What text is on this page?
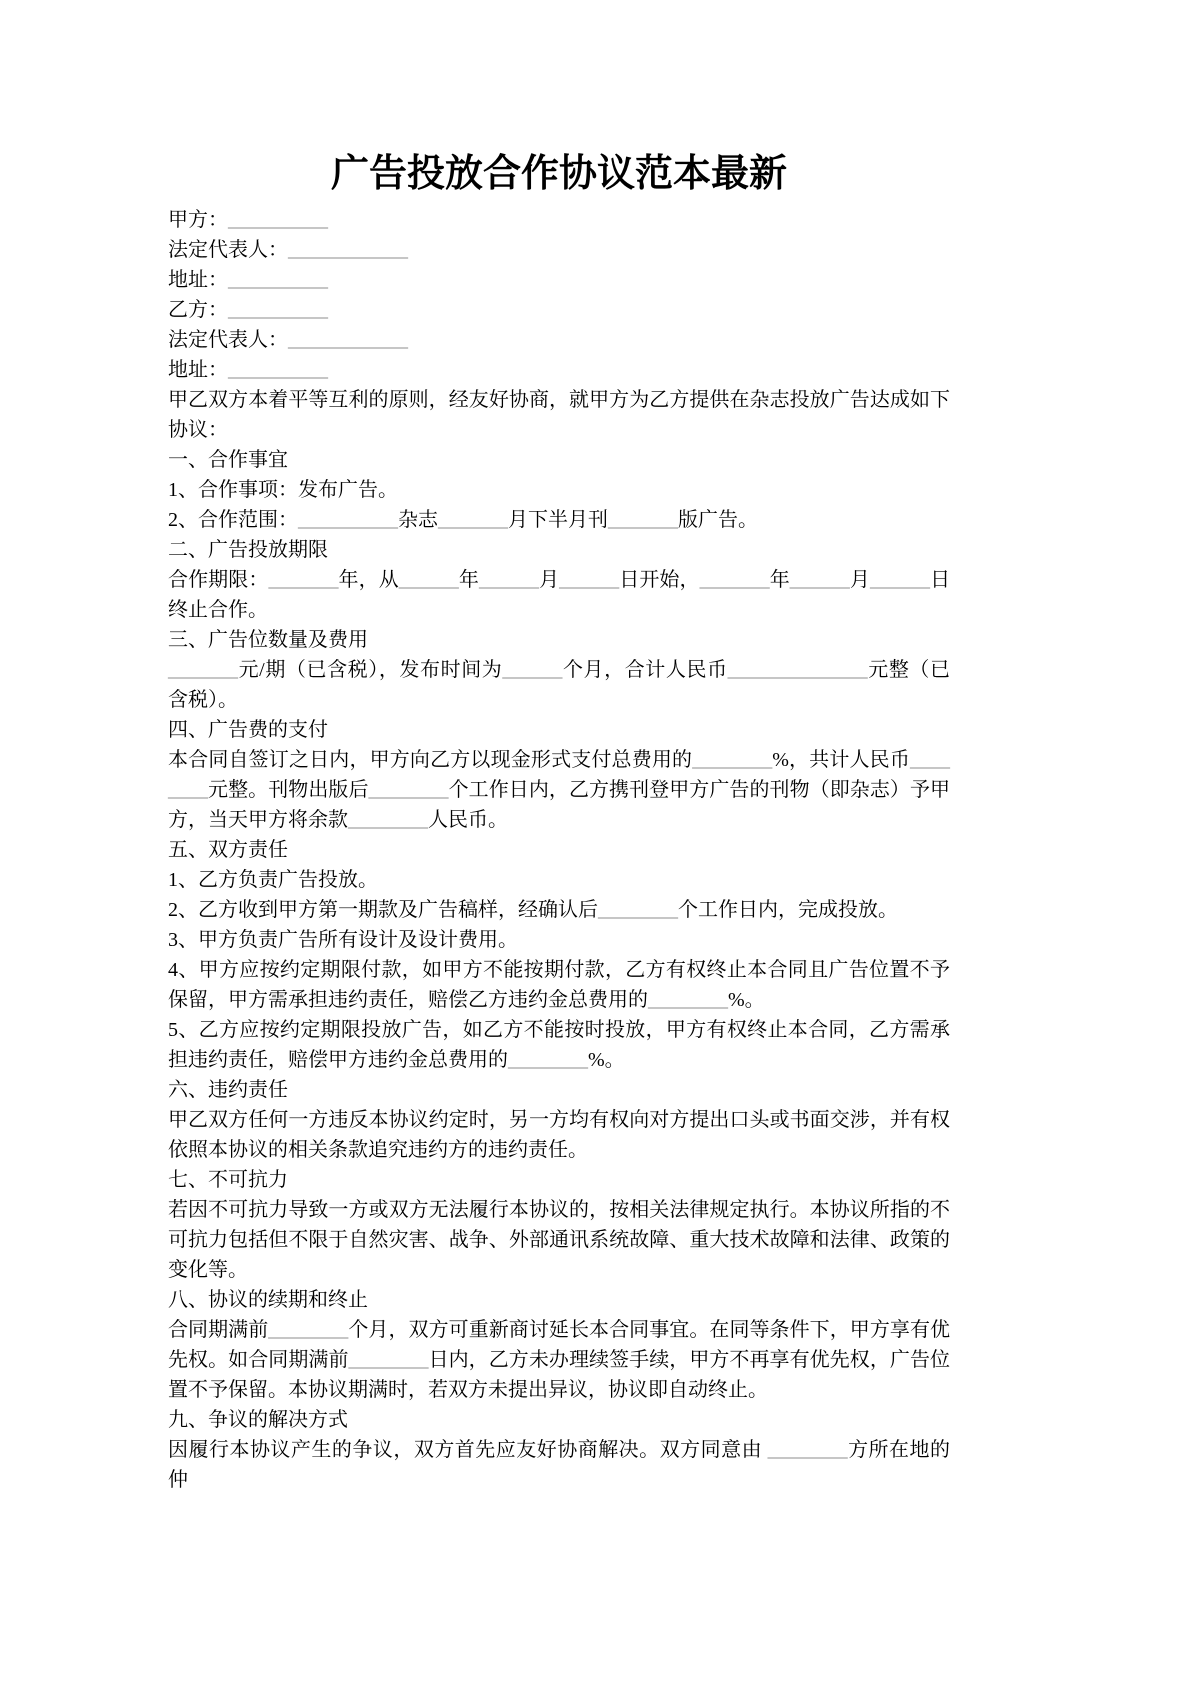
广告投放合作协议范本最新

甲方：__________

法定代表人：____________

地址：__________

乙方：__________

法定代表人：____________

地址：__________

甲乙双方本着平等互利的原则，经友好协商，就甲方为乙方提供在杂志投放广告达成如下协议：

一、合作事宜

1、合作事项：发布广告。

2、合作范围：__________杂志_______月下半月刊_______版广告。

二、广告投放期限

合作期限：_______年，从______年______月______日开始，_______年______月______日终止合作。

三、广告位数量及费用

_______元/期（已含税），发布时间为______个月，合计人民币______________元整（已含税）。

四、广告费的支付

本合同自签订之日内，甲方向乙方以现金形式支付总费用的________%，共计人民币________元整。刊物出版后________个工作日内，乙方携刊登甲方广告的刊物（即杂志）予甲方，当天甲方将余款________人民币。

五、双方责任

1、乙方负责广告投放。

2、乙方收到甲方第一期款及广告稿样，经确认后________个工作日内，完成投放。

3、甲方负责广告所有设计及设计费用。

4、甲方应按约定期限付款，如甲方不能按期付款，乙方有权终止本合同且广告位置不予保留，甲方需承担违约责任，赔偿乙方违约金总费用的________%。

5、乙方应按约定期限投放广告，如乙方不能按时投放，甲方有权终止本合同，乙方需承担违约责任，赔偿甲方违约金总费用的________%。

六、违约责任

甲乙双方任何一方违反本协议约定时，另一方均有权向对方提出口头或书面交涉，并有权依照本协议的相关条款追究违约方的违约责任。

七、不可抗力

若因不可抗力导致一方或双方无法履行本协议的，按相关法律规定执行。本协议所指的不可抗力包括但不限于自然灾害、战争、外部通讯系统故障、重大技术故障和法律、政策的变化等。

八、协议的续期和终止

合同期满前________个月，双方可重新商讨延长本合同事宜。在同等条件下，甲方享有优先权。如合同期满前________日内，乙方未办理续签手续，甲方不再享有优先权，广告位置不予保留。本协议期满时，若双方未提出异议，协议即自动终止。

九、争议的解决方式

因履行本协议产生的争议，双方首先应友好协商解决。双方同意由 ________方所在地的仲
